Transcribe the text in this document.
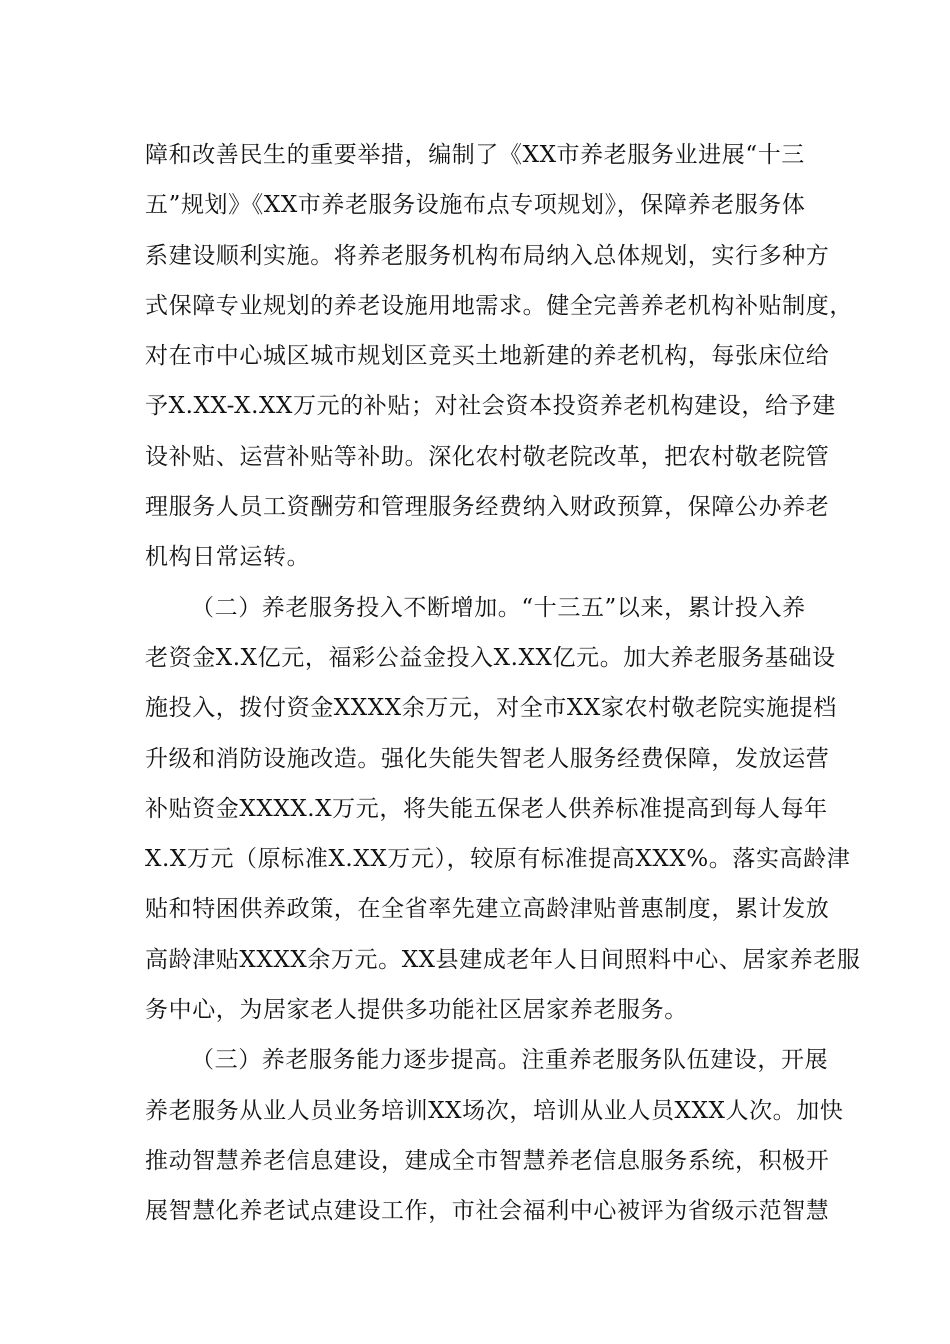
障和改善民生的重要举措，编制了《XX市养老服务业进展“十三
五”规划》《XX市养老服务设施布点专项规划》，保障养老服务体
系建设顺利实施。将养老服务机构布局纳入总体规划，实行多种方
式保障专业规划的养老设施用地需求。健全完善养老机构补贴制度，
对在市中心城区城市规划区竞买土地新建的养老机构，每张床位给
予X.XX-X.XX万元的补贴；对社会资本投资养老机构建设，给予建
设补贴、运营补贴等补助。深化农村敬老院改革，把农村敬老院管
理服务人员工资酬劳和管理服务经费纳入财政预算，保障公办养老
机构日常运转。
（二）养老服务投入不断增加。“十三五”以来，累计投入养
老资金X.X亿元，福彩公益金投入X.XX亿元。加大养老服务基础设
施投入，拨付资金XXXX余万元，对全市XX家农村敬老院实施提档
升级和消防设施改造。强化失能失智老人服务经费保障，发放运营
补贴资金XXXX.X万元，将失能五保老人供养标准提高到每人每年
X.X万元（原标准X.XX万元），较原有标准提高XXX%。落实高龄津
贴和特困供养政策，在全省率先建立高龄津贴普惠制度，累计发放
高龄津贴XXXX余万元。XX县建成老年人日间照料中心、居家养老服
务中心，为居家老人提供多功能社区居家养老服务。
（三）养老服务能力逐步提高。注重养老服务队伍建设，开展
养老服务从业人员业务培训XX场次，培训从业人员XXX人次。加快
推动智慧养老信息建设，建成全市智慧养老信息服务系统，积极开
展智慧化养老试点建设工作，市社会福利中心被评为省级示范智慧
